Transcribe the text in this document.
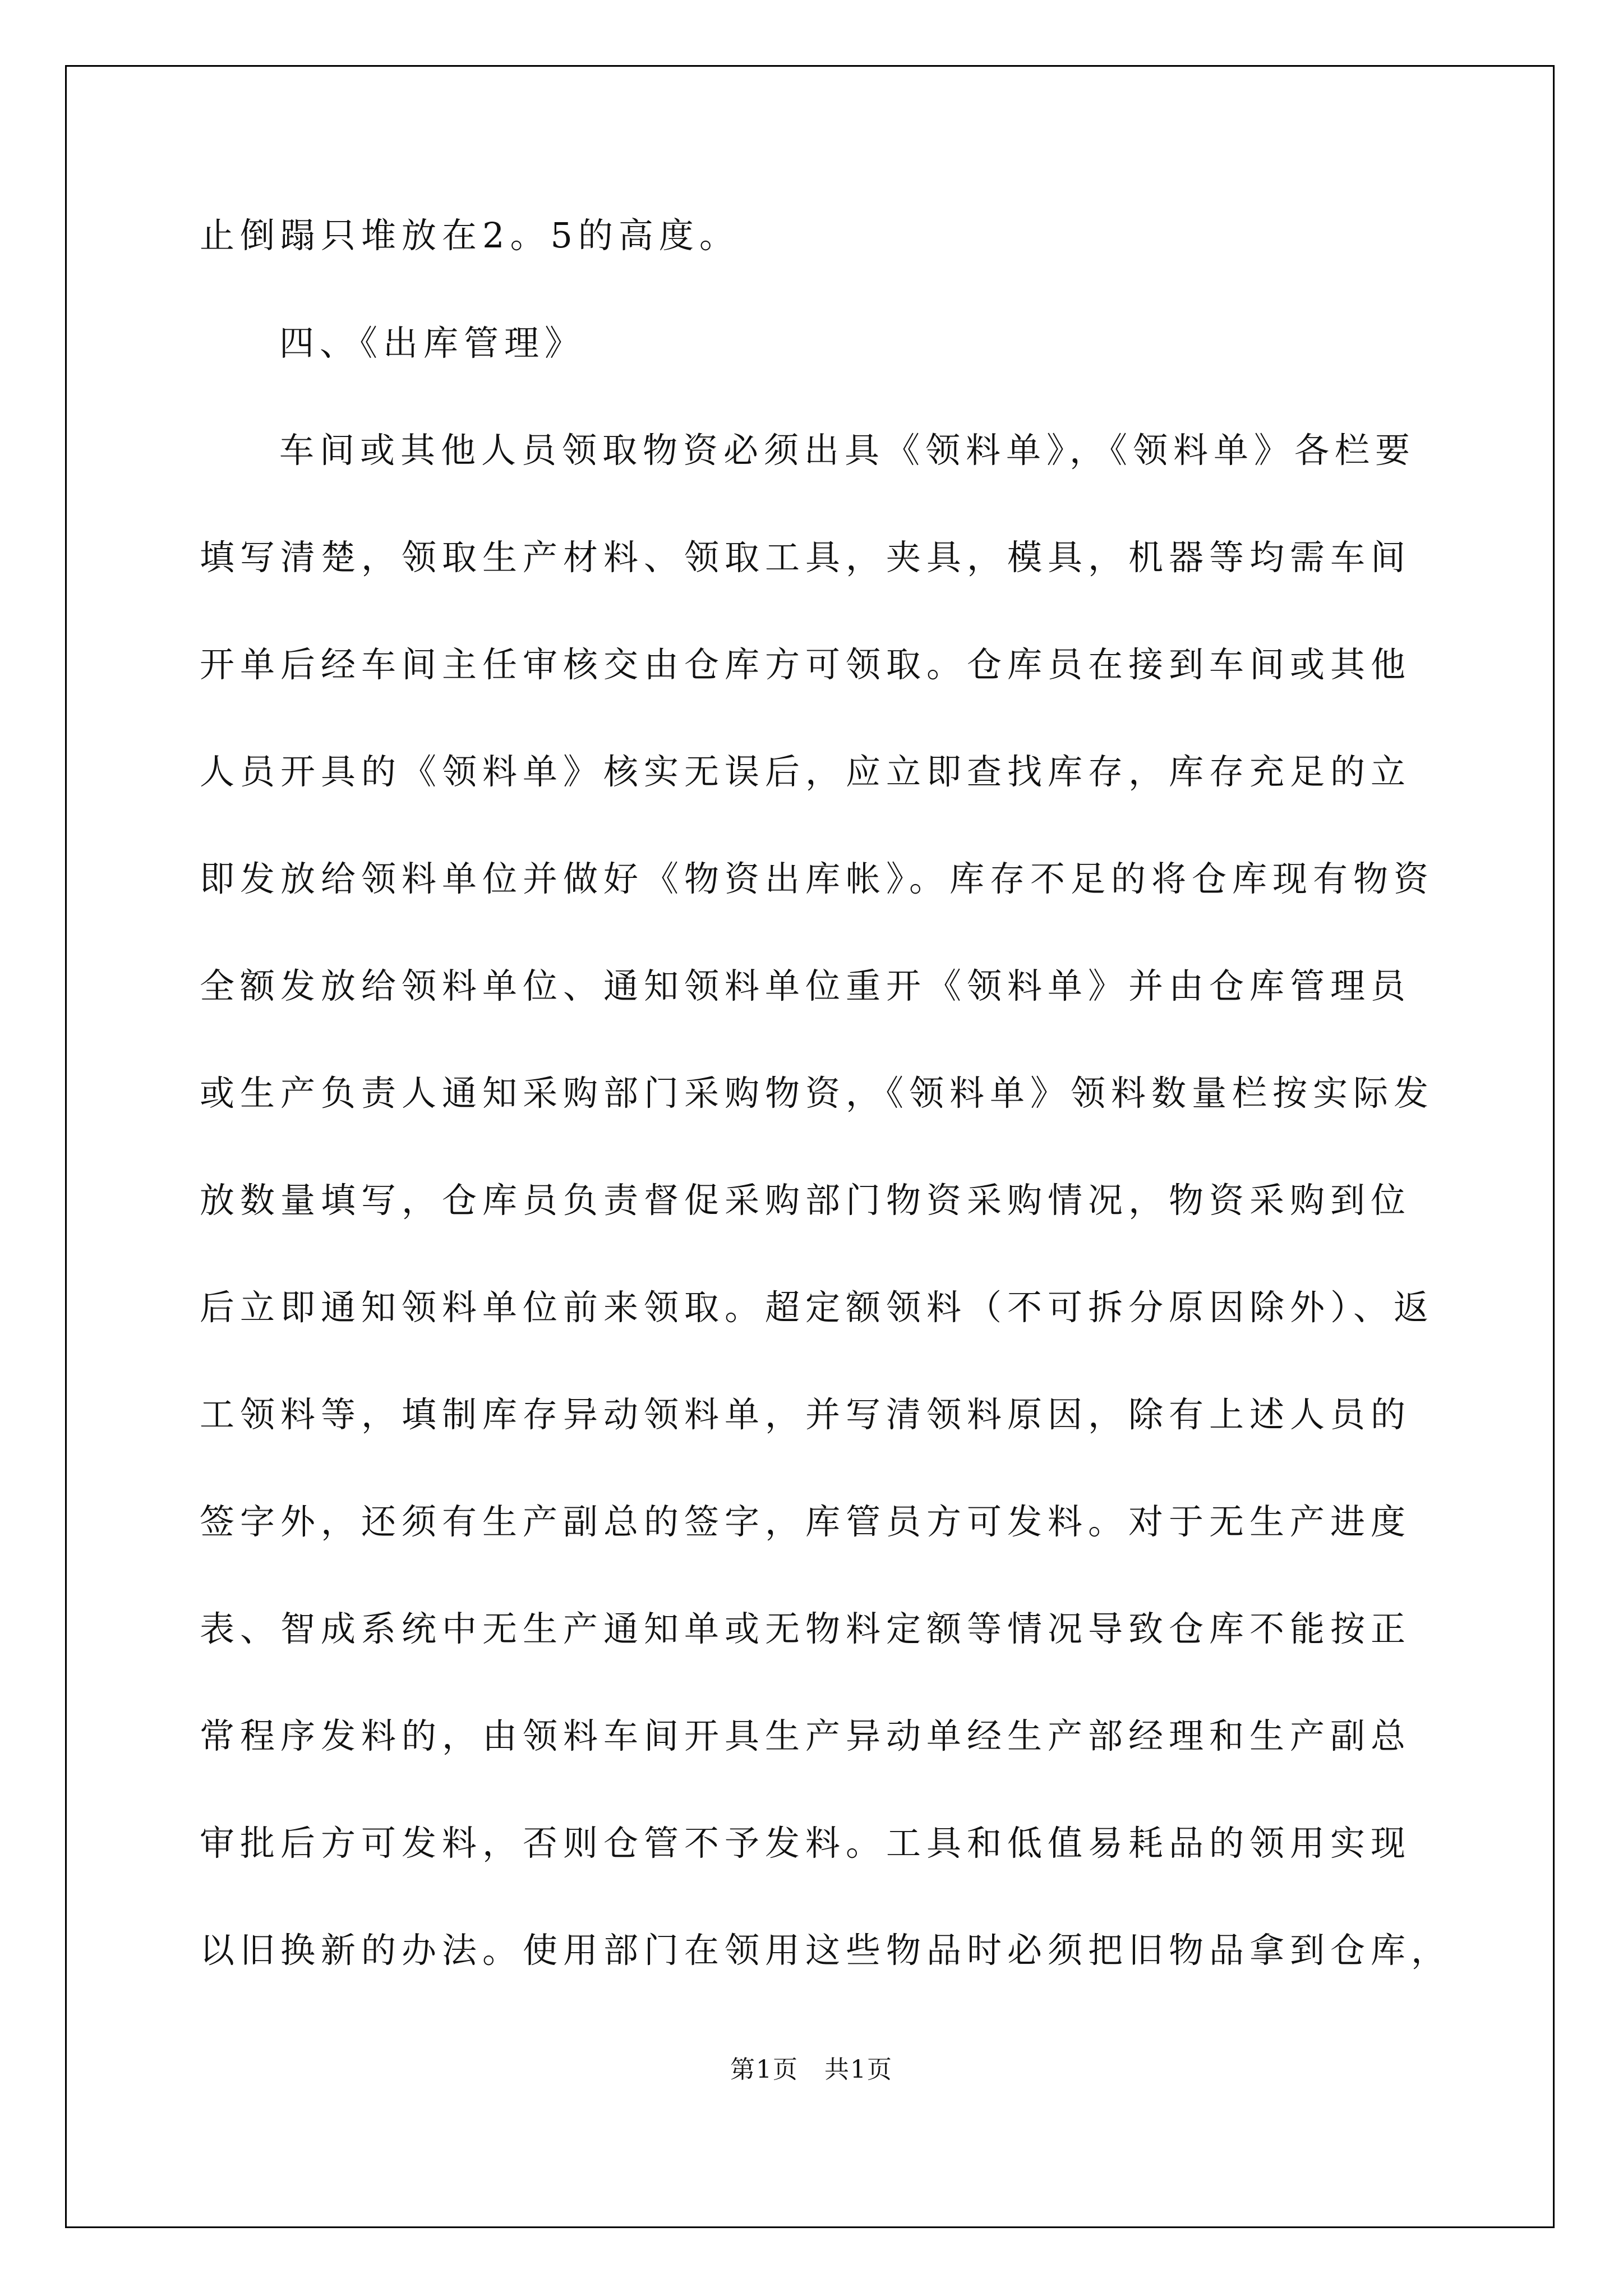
止倒蹋只堆放在2。5的高度。
四、《出库管理》
车间或其他人员领取物资必须出具《领料单》，《领料单》各栏要
填写清楚，领取生产材料、领取工具，夹具，模具，机器等均需车间
开单后经车间主任审核交由仓库方可领取。仓库员在接到车间或其他
人员开具的《领料单》核实无误后，应立即查找库存，库存充足的立
即发放给领料单位并做好《物资出库帐》。库存不足的将仓库现有物资
全额发放给领料单位、通知领料单位重开《领料单》并由仓库管理员
或生产负责人通知采购部门采购物资，《领料单》领料数量栏按实际发
放数量填写，仓库员负责督促采购部门物资采购情况，物资采购到位
后立即通知领料单位前来领取。超定额领料（不可拆分原因除外）、返
工领料等，填制库存异动领料单，并写清领料原因，除有上述人员的
签字外，还须有生产副总的签字，库管员方可发料。对于无生产进度
表、智成系统中无生产通知单或无物料定额等情况导致仓库不能按正
常程序发料的，由领料车间开具生产异动单经生产部经理和生产副总
审批后方可发料，否则仓管不予发料。工具和低值易耗品的领用实现
以旧换新的办法。使用部门在领用这些物品时必须把旧物品拿到仓库，
第1页　共1页
